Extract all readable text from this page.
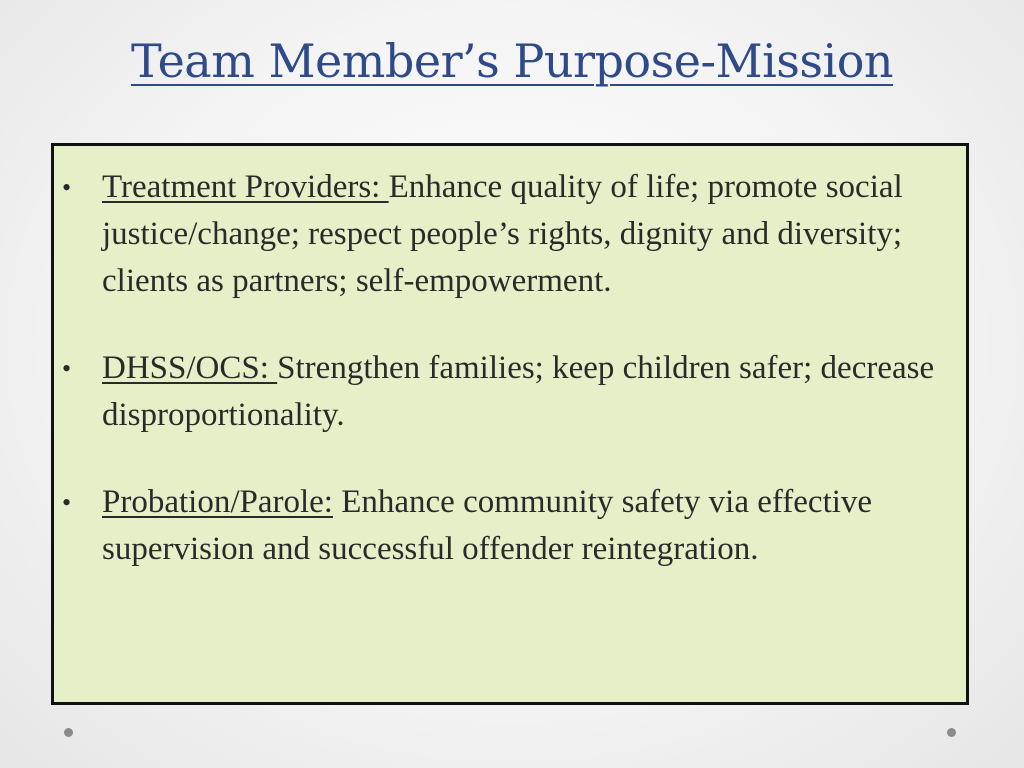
Team Member’s Purpose-Mission
• Treatment Providers: Enhance quality of life; promote social justice/change; respect people’s rights, dignity and diversity; clients as partners; self-empowerment.
• DHSS/OCS: Strengthen families; keep children safer; decrease disproportionality.
• Probation/Parole: Enhance community safety via effective supervision and successful offender reintegration.
